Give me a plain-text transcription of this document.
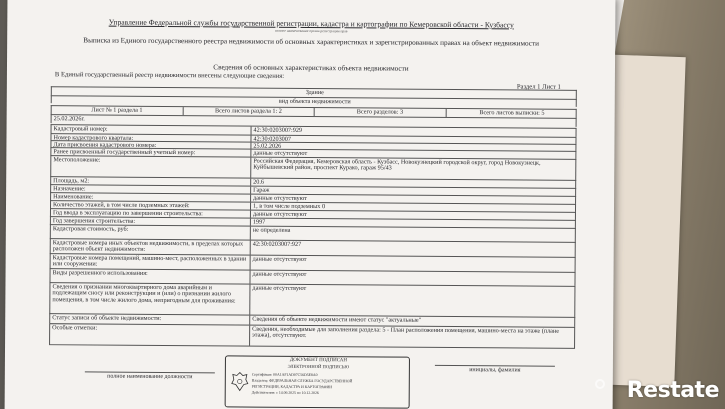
Управление Федеральной службы государственной регистрации, кадастра и картографии по Кемеровской области - Кузбассу
полное наименование органа регистрации прав
Выписка из Единого государственного реестра недвижимости об основных характеристиках и зарегистрированных правах на объект недвижимости
Сведения об основных характеристиках объекта недвижимости
В Единый государственный реестр недвижимости внесены следующие сведения:
Раздел 1 Лист 1
Здание
вид объекта недвижимости
Лист № 1 раздела 1	Всего листов раздела 1: 2	Всего разделов: 3	Всего листов выписки: 5
25.02.2026г.
Кадастровый номер:	42:30:0203007:929
Номер кадастрового квартала:	42:30:0203007
Дата присвоения кадастрового номера:	25.02.2026
Ранее присвоенный государственный учетный номер:	данные отсутствуют
Местоположение:	Российская Федерация, Кемеровская область - Кузбасс, Новокузнецкий городской округ, город Новокузнецк, Куйбышевский район, проспект Курако, гараж 95/43
Площадь, м2:	20.6
Назначение:	Гараж
Наименование:	данные отсутствуют
Количество этажей, в том числе подземных этажей:	1, в том числе подземных 0
Год ввода в эксплуатацию по завершении строительства:	данные отсутствуют
Год завершения строительства:	1997
Кадастровая стоимость, руб:	не определена
Кадастровые номера иных объектов недвижимости, в пределах которых расположен объект недвижимости:
42:30:0203007:927
Кадастровые номера помещений, машино-мест, расположенных в здании или сооружении:
данные отсутствуют
Виды разрешенного использования:	данные отсутствуют
Сведения о признании многоквартирного дома аварийным и подлежащим сносу или реконструкции и (или) о признании жилого помещения, в том числе жилого дома, непригодным для проживания:
данные отсутствуют
Статус записи об объекте недвижимости:	Сведения об объекте недвижимости имеют статус "актуальные"
Особые отметки:	Сведения, необходимые для заполнения раздела: 5 - План расположения помещения, машино-места на этаже (плане этажа), отсутствуют.
полное наименование должности
инициалы, фамилия
ДОКУМЕНТ ПОДПИСАН
ЭЛЕКТРОННОЙ ПОДПИСЬЮ
Сертификат: 00A1AF1AD07C56D5E8A0
Владелец: ФЕДЕРАЛЬНАЯ СЛУЖБА ГОСУДАРСТВЕННОЙ
РЕГИСТРАЦИИ, КАДАСТРА И КАРТОГРАФИИ
Действителен: с 14.09.2025 по 10.12.2026	Restate
